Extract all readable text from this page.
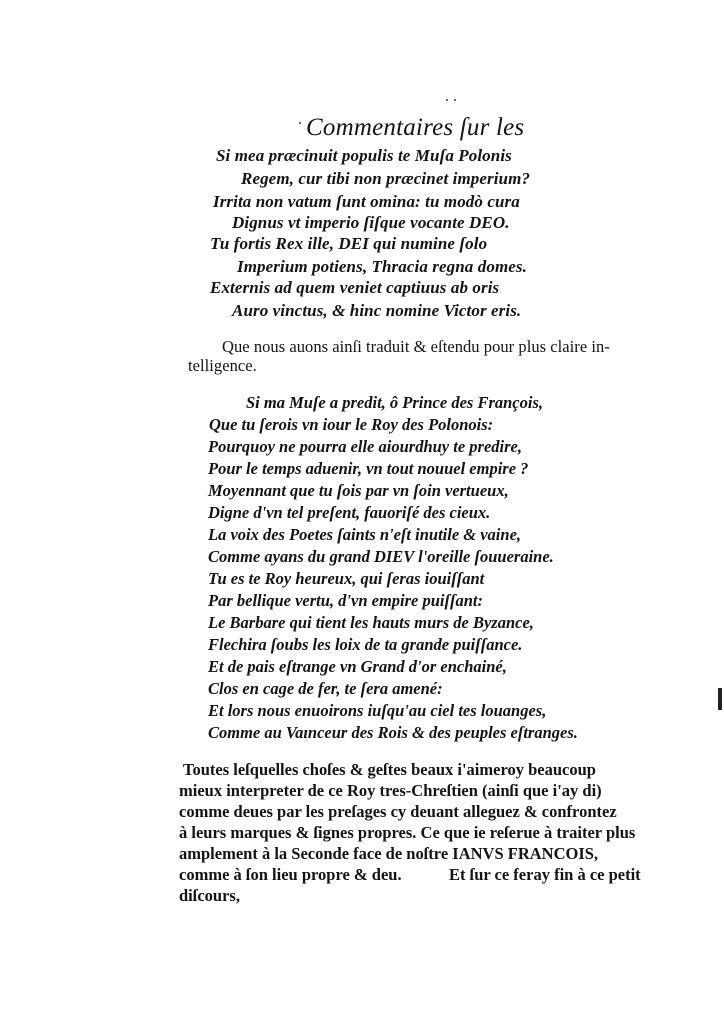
Commentaires ſur les
Si mea præcinuit populis te Muſa Polonis
Regem, cur tibi non præcinet imperium?
Irrita non vatum ſunt omina: tu modò cura
Dignus vt imperio ſiſque vocante DEO.
Tu fortis Rex ille, DEI qui numine ſolo
Imperium potiens, Thracia regna domes.
Externis ad quem veniet captiuus ab oris
Auro vinctus, & hinc nomine Victor eris.
Que nous auons ainſi traduit & eſtendu pour plus claire in-
telligence.
Si ma Muſe a predit, ô Prince des François,
Que tu ſerois vn iour le Roy des Polonois:
Pourquoy ne pourra elle aiourdhuy te predire,
Pour le temps aduenir, vn tout nouuel empire ?
Moyennant que tu ſois par vn ſoin vertueux,
Digne d'vn tel preſent, fauoriſé des cieux.
La voix des Poetes ſaints n'eſt inutile & vaine,
Comme ayans du grand DIEV l'oreille ſouueraine.
Tu es te Roy heureux, qui ſeras iouiſſant
Par bellique vertu, d'vn empire puiſſant:
Le Barbare qui tient les hauts murs de Byzance,
Flechira ſoubs les loix de ta grande puiſſance.
Et de pais eſtrange vn Grand d'or enchainé,
Clos en cage de fer, te ſera amené:
Et lors nous enuoirons iuſqu'au ciel tes louanges,
Comme au Vaınceur des Rois & des peuples eſtranges.
Toutes leſquelles choſes & geſtes beaux i'aimeroy beaucoup
mieux interpreter de ce Roy tres-Chreſtien (ainſi que i'ay di)
comme deues par les preſages cy deuant alleguez & confrontez
à leurs marques & ſignes propres. Ce que ie reſerue à traiter plus
amplement à la Seconde face de noſtre IANVS FRANCOIS,
comme à ſon lieu propre & deu.	Et ſur ce feray fin à ce petit
diſcours,
